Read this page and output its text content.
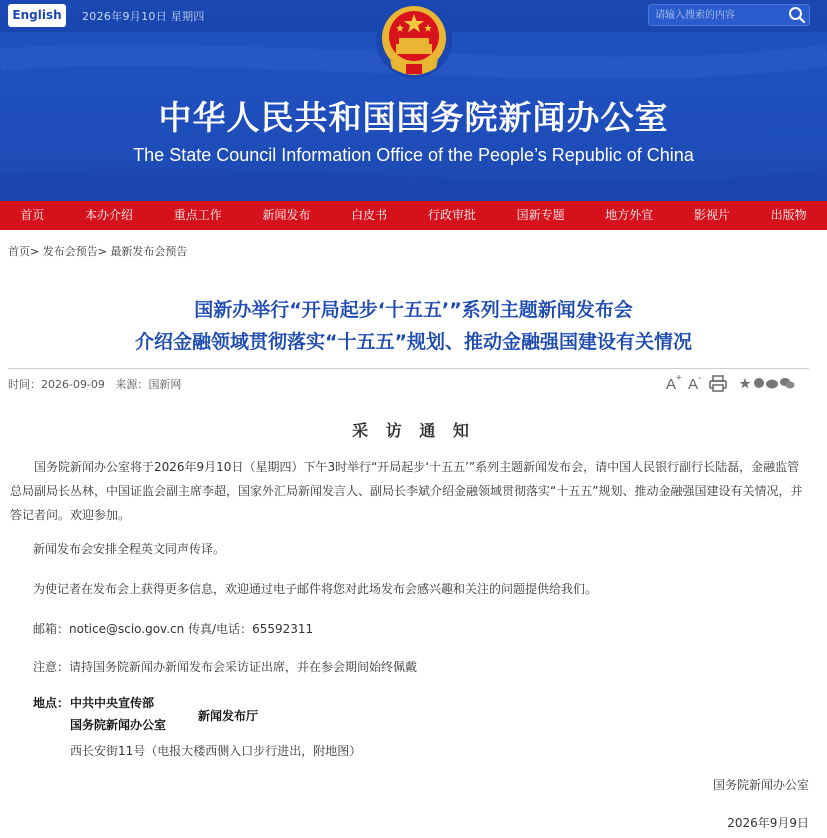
English	2026年9月10日 星期四
请输入搜索的内容
中华人民共和国国务院新闻办公室
The State Council Information Office of the People’s Republic of China
首页	本办介绍	重点工作	新闻发布	白皮书	行政审批	国新专题	地方外宣	影视片	出版物
首页> 发布会预告> 最新发布会预告
国新办举行“开局起步‘十五五’”系列主题新闻发布会
介绍金融领域贯彻落实“十五五”规划、推动金融强国建设有关情况
时间：2026-09-09 来源：国新网	A + A -
采 访 通 知
国务院新闻办公室将于2026年9月10日（星期四）下午3时举行“开局起步‘十五五’”系列主题新闻发布会，请中国人民银行副行长陆磊，金融监管总局副局长丛林，中国证监会副主席李超，国家外汇局新闻发言人、副局长李斌介绍金融领域贯彻落实“十五五”规划、推动金融强国建设有关情况，并答记者问。欢迎参加。
新闻发布会安排全程英文同声传译。
为使记者在发布会上获得更多信息，欢迎通过电子邮件将您对此场发布会感兴趣和关注的问题提供给我们。
邮箱：notice@scio.gov.cn 传真/电话：65592311
注意：请持国务院新闻办新闻发布会采访证出席，并在参会期间始终佩戴
地点： 中共中央宣传部
国务院新闻办公室
新闻发布厅
西长安街11号（电报大楼西侧入口步行进出，附地图）
国务院新闻办公室
2026年9月9日
